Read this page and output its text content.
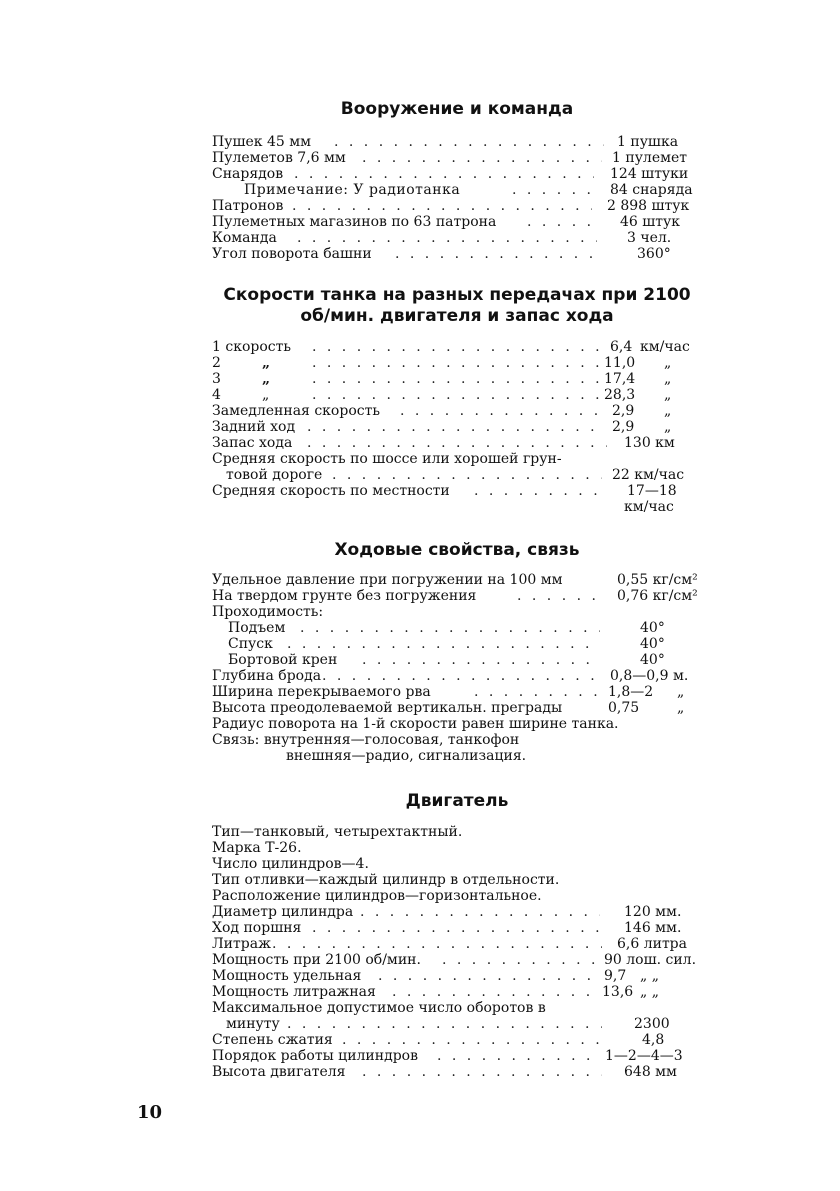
Вооружение и команда
Пушек 45 мм . . .	1 пушка
Пулеметов 7,6 мм . . .	1 пулемет
Снарядов . . .	124 штуки
Примечание: У радиотанка . . .	84 снаряда
Патронов . . .	2 898 штук
Пулеметных магазинов по 63 патрона . . .	46 штук
Команда . . .	3 чел.
Угол поворота башни . . .	360°
Скорости танка на разных передачах при 2100
об/мин. двигателя и запас хода
1 скорость . . .	6,4 км/час
2	„ . . .	11,0 „
3	„ . . .	17,4 „
4	„ . . .	28,3 „
Замедленная скорость . . .	2,9 „
Задний ход . . .	2,9 „
Запас хода . . .	130 км
Средняя скорость по шоссе или хорошей грун-
товой дороге . . .	22 км/час
Средняя скорость по местности . . .	17—18
км/час
Ходовые свойства, связь
Удельное давление при погружении на 100 мм	0,55 кг/см²
На твердом грунте без погружения . . .	0,76 кг/см²
Проходимость:
Подъем . . .	40°
Спуск . . .	40°
Бортовой крен . . .	40°
Глубина брода . . .	0,8—0,9 м.
Ширина перекрываемого рва . . .	1,8—2 „
Высота преодолеваемой вертикальн. преграды	0,75	„
Радиус поворота на 1-й скорости равен ширине танка.
Связь: внутренняя—голосовая, танкофон
внешняя—радио, сигнализация.
Двигатель
Тип—танковый, четырехтактный.
Марка Т-26.
Число цилиндров—4.
Тип отливки—каждый цилиндр в отдельности.
Расположение цилиндров—горизонтальное.
Диаметр цилиндра . . .	120 мм.
Ход поршня . . .	146 мм.
Литраж . . .	6,6 литра
Мощность при 2100 об/мин. . . .	90 лош. сил.
Мощность удельная . . .	9,7 „ „
Мощность литражная . . .	13,6 „ „
Максимальное допустимое число оборотов в
минуту . . .	2300
Степень сжатия . . .	4,8
Порядок работы цилиндров . . .	1—2—4—3
Высота двигателя . . .	648 мм
10
